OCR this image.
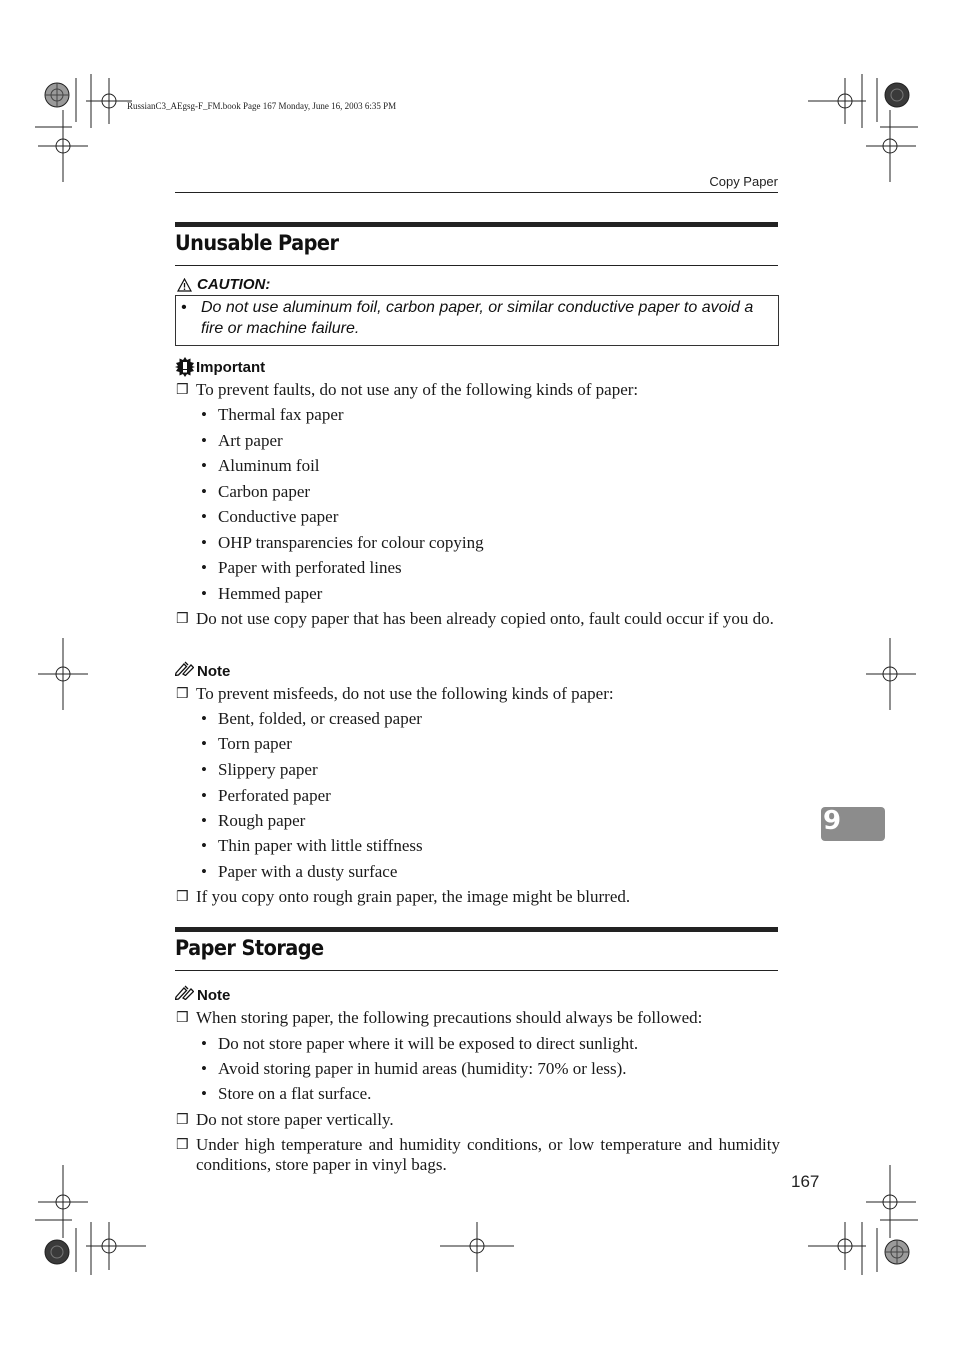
RussianC3_AEgsg-F_FM.book Page 167 Monday, June 16, 2003 6:35 PM
Copy Paper
Unusable Paper
CAUTION:
• Do not use aluminum foil, carbon paper, or similar conductive paper to avoid a fire or machine failure.
Important
❒ To prevent faults, do not use any of the following kinds of paper:
• Thermal fax paper
• Art paper
• Aluminum foil
• Carbon paper
• Conductive paper
• OHP transparencies for colour copying
• Paper with perforated lines
• Hemmed paper
❒ Do not use copy paper that has been already copied onto, fault could occur if you do.
Note
❒ To prevent misfeeds, do not use the following kinds of paper:
• Bent, folded, or creased paper
• Torn paper
• Slippery paper
• Perforated paper
• Rough paper
• Thin paper with little stiffness
• Paper with a dusty surface
❒ If you copy onto rough grain paper, the image might be blurred.
9
Paper Storage
Note
❒ When storing paper, the following precautions should always be followed:
• Do not store paper where it will be exposed to direct sunlight.
• Avoid storing paper in humid areas (humidity: 70% or less).
• Store on a flat surface.
❒ Do not store paper vertically.
❒ Under high temperature and humidity conditions, or low temperature and humidity conditions, store paper in vinyl bags.
167
